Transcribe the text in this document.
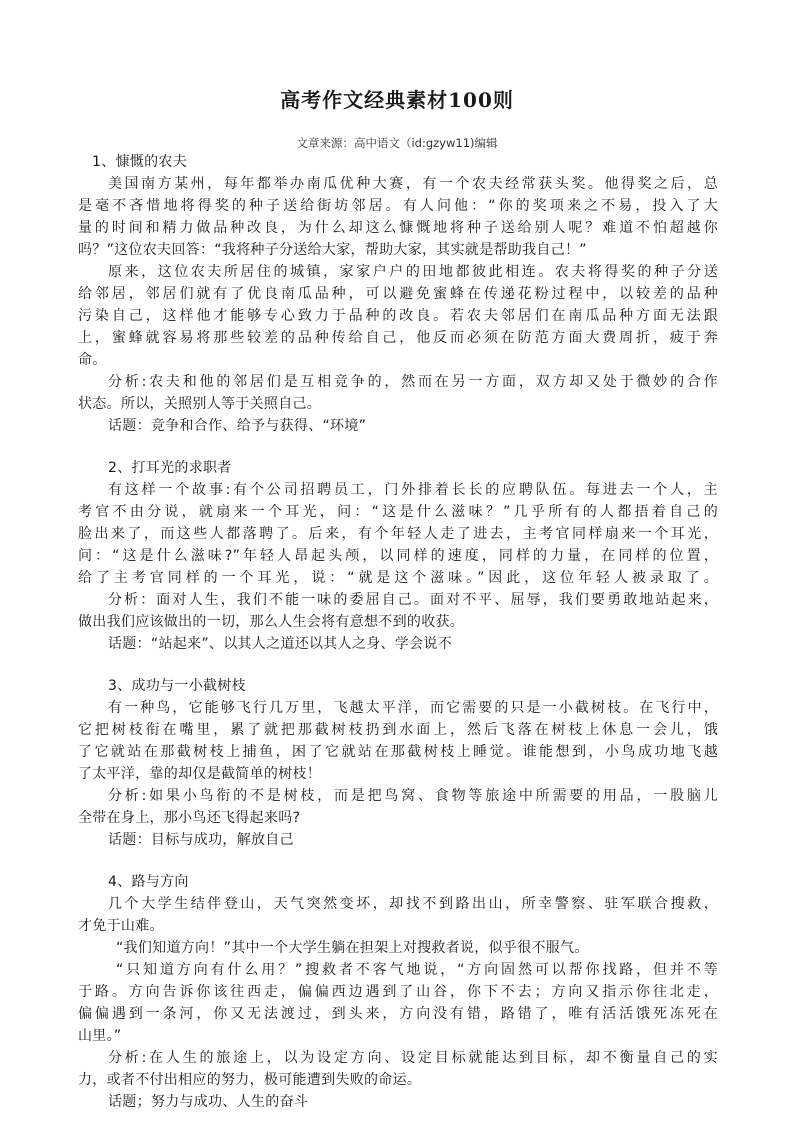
高考作文经典素材100则
文章来源：高中语文（id:gzyw11)编辑
1、慷慨的农夫
美国南方某州，每年都举办南瓜优种大赛，有一个农夫经常获头奖。他得奖之后，总
是毫不吝惜地将得奖的种子送给街坊邻居。有人问他：“你的奖项来之不易，投入了大
量的时间和精力做品种改良，为什么却这么慷慨地将种子送给别人呢？难道不怕超越你
吗？”这位农夫回答：“我将种子分送给大家，帮助大家，其实就是帮助我自己！”
原来，这位农夫所居住的城镇，家家户户的田地都彼此相连。农夫将得奖的种子分送
给邻居，邻居们就有了优良南瓜品种，可以避免蜜蜂在传递花粉过程中，以较差的品种
污染自己，这样他才能够专心致力于品种的改良。若农夫邻居们在南瓜品种方面无法跟
上，蜜蜂就容易将那些较差的品种传给自己，他反而必须在防范方面大费周折，疲于奔
命。
分析:农夫和他的邻居们是互相竞争的，然而在另一方面，双方却又处于微妙的合作
状态。所以，关照别人等于关照自己。
话题：竞争和合作、给予与获得、“环境”
2、打耳光的求职者
有这样一个故事:有个公司招聘员工，门外排着长长的应聘队伍。每进去一个人，主
考官不由分说，就扇来一个耳光，问：“这是什么滋味？”几乎所有的人都捂着自己的
脸出来了，而这些人都落聘了。后来，有个年轻人走了进去，主考官同样扇来一个耳光，
问：“这是什么滋味?”年轻人昂起头颅，以同样的速度，同样的力量，在同样的位置，
给了主考官同样的一个耳光，说：“就是这个滋味。”因此，这位年轻人被录取了。
分析：面对人生，我们不能一味的委屈自己。面对不平、屈辱，我们要勇敢地站起来，
做出我们应该做出的一切，那么人生会将有意想不到的收获。
话题：“站起来”、以其人之道还以其人之身、学会说不
3、成功与一小截树枝
有一种鸟，它能够飞行几万里，飞越太平洋，而它需要的只是一小截树枝。在飞行中，
它把树枝衔在嘴里，累了就把那截树枝扔到水面上，然后飞落在树枝上休息一会儿，饿
了它就站在那截树枝上捕鱼，困了它就站在那截树枝上睡觉。谁能想到，小鸟成功地飞越
了太平洋，靠的却仅是截简单的树枝！
分析:如果小鸟衔的不是树枝，而是把鸟窝、食物等旅途中所需要的用品，一股脑儿
全带在身上，那小鸟还飞得起来吗?
话题：目标与成功，解放自己
4、路与方向
几个大学生结伴登山，天气突然变坏，却找不到路出山，所幸警察、驻军联合搜救，
才免于山难。
“我们知道方向！”其中一个大学生躺在担架上对搜救者说，似乎很不服气。
“只知道方向有什么用？”搜救者不客气地说，“方向固然可以帮你找路，但并不等
于路。方向告诉你该往西走，偏偏西边遇到了山谷，你下不去；方向又指示你往北走，
偏偏遇到一条河，你又无法渡过，到头来，方向没有错，路错了，唯有活活饿死冻死在
山里。”
分析:在人生的旅途上，以为设定方向、设定目标就能达到目标，却不衡量自己的实
力，或者不付出相应的努力，极可能遭到失败的命运。
话题；努力与成功、人生的奋斗
